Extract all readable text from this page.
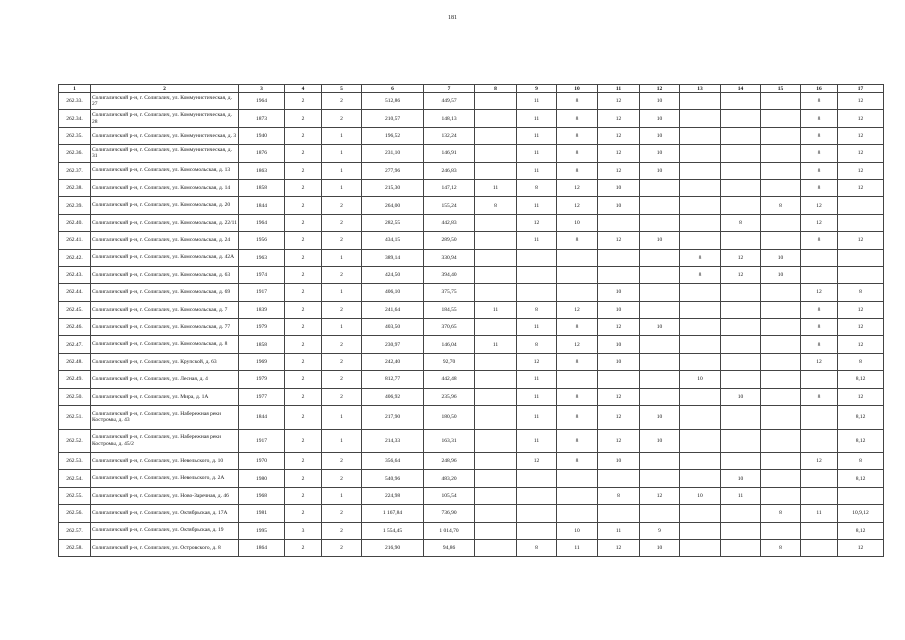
181
1	2	3	4	5	6	7	8	9	10	11	12	13	14	15	16	17
262.33.	Солигаличский р-н, г. Солигалич, ул. Коммунистическая, д. 27	1964	2	2	512,86	449,57		11	8	12	10				8	12
262.34.	Солигаличский р-н, г. Солигалич, ул. Коммунистическая, д. 28	1873	2	2	210,57	148,13		11	8	12	10				8	12
262.35.	Солигаличский р-н, г. Солигалич, ул. Коммунистическая, д. 3	1940	2	1	196,52	132,24		11	8	12	10				8	12
262.36.	Солигаличский р-н, г. Солигалич, ул. Коммунистическая, д. 31	1876	2	1	231,10	146,91		11	8	12	10				8	12
262.37.	Солигаличский р-н, г. Солигалич, ул. Комсомольская, д. 13	1863	2	1	277,96	246,83		11	8	12	10				8	12
262.38.	Солигаличский р-н, г. Солигалич, ул. Комсомольская, д. 14	1858	2	1	215,30	147,12	11	8	12	10					8	12
262.39.	Солигаличский р-н, г. Солигалич, ул. Комсомольская, д. 20	1844	2	2	264,00	155,24	8	11	12	10				8	12	
262.40.	Солигаличский р-н, г. Солигалич, ул. Комсомольская, д. 22/11	1964	2	2	282,55	442,83		12	10				8		12	
262.41.	Солигаличский р-н, г. Солигалич, ул. Комсомольская, д. 24	1956	2	2	434,15	289,50		11	8	12	10				8	12
262.42.	Солигаличский р-н, г. Солигалич, ул. Комсомольская, д. 42А	1963	2	1	389,14	330,94						8	12	10		
262.43.	Солигаличский р-н, г. Солигалич, ул. Комсомольская, д. 63	1974	2	2	424,50	394,40						8	12	10		
262.44.	Солигаличский р-н, г. Солигалич, ул. Комсомольская, д. 69	1917	2	1	406,10	375,75				10					12	8
262.45.	Солигаличский р-н, г. Солигалич, ул. Комсомольская, д. 7	1839	2	2	241,64	184,55	11	8	12	10					8	12
262.46.	Солигаличский р-н, г. Солигалич, ул. Комсомольская, д. 77	1979	2	1	403,50	370,65		11	8	12	10				8	12
262.47.	Солигаличский р-н, г. Солигалич, ул. Комсомольская, д. 8	1858	2	2	230,97	146,04	11	8	12	10					8	12
262.48.	Солигаличский р-н, г. Солигалич, ул. Крупской, д. 63	1969	2	2	242,40	92,70		12	8	10					12	8
262.49.	Солигаличский р-н, г. Солигалич, ул. Лесная, д. 4	1979	2	2	812,77	442,48		11				10				8,12
262.50.	Солигаличский р-н, г. Солигалич, ул. Мира, д. 1А	1977	2	2	406,92	235,96		11	8	12			10		8	12
262.51.	Солигаличский р-н, г. Солигалич, ул. Набережная реки Костромы, д. 43	1844	2	1	217,90	180,50		11	8	12	10					8,12
262.52.	Солигаличский р-н, г. Солигалич, ул. Набережная реки Костромы, д. 45/2	1917	2	1	214,33	163,31		11	8	12	10					8,12
262.53.	Солигаличский р-н, г. Солигалич, ул. Невельского, д. 10	1970	2	2	356,64	248,96		12	8	10					12	8
262.54.	Солигаличский р-н, г. Солигалич, ул. Невельского, д. 2А	1980	2	2	540,96	483,20							10			8,12
262.55.	Солигаличский р-н, г. Солигалич, ул. Ново-Заречная, д. 46	1968	2	1	224,98	105,54				8	12	10	11			
262.56.	Солигаличский р-н, г. Солигалич, ул. Октябрьская, д. 17А	1981	2	2	1 167,84	736,90								8	11	10,9,12
262.57.	Солигаличский р-н, г. Солигалич, ул. Октябрьская, д. 19	1995	3	2	1 554,45	1 014,70			10	11	9					8,12
262.58.	Солигаличский р-н, г. Солигалич, ул. Островского, д. 8	1864	2	2	216,90	94,86		8	11	12	10			8		12
